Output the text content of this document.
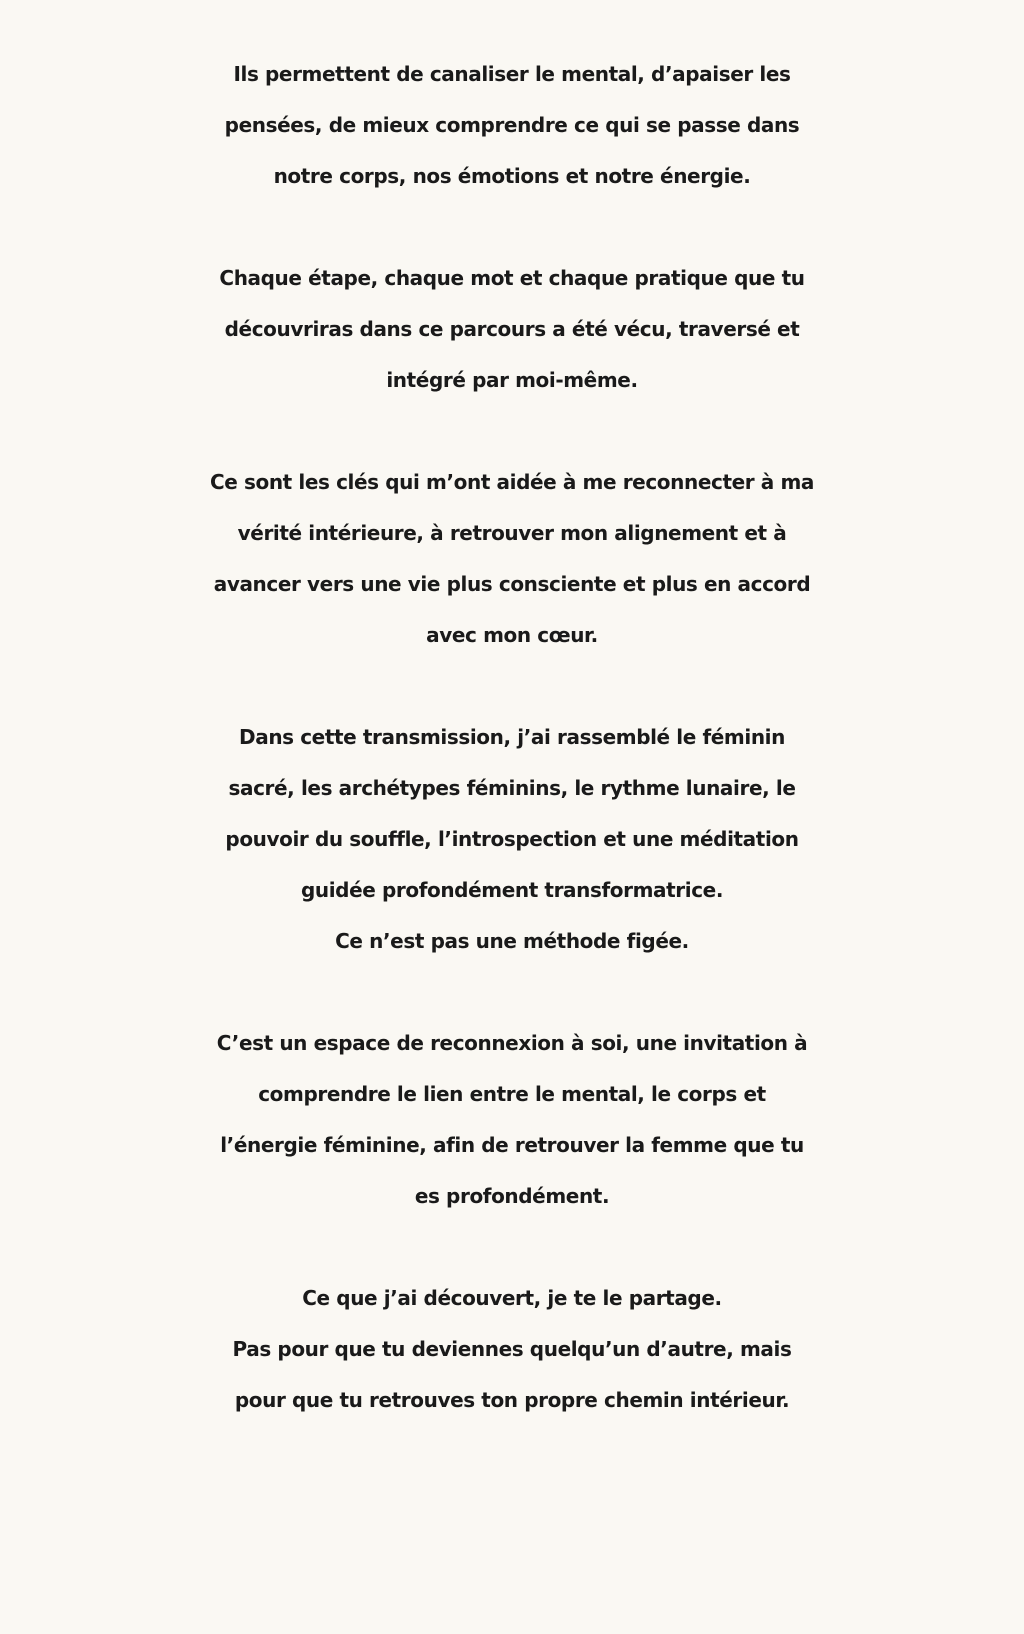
Ils permettent de canaliser le mental, d’apaiser les
pensées, de mieux comprendre ce qui se passe dans
notre corps, nos émotions et notre énergie.

Chaque étape, chaque mot et chaque pratique que tu
découvriras dans ce parcours a été vécu, traversé et
intégré par moi-même.

Ce sont les clés qui m’ont aidée à me reconnecter à ma
vérité intérieure, à retrouver mon alignement et à
avancer vers une vie plus consciente et plus en accord
avec mon cœur.

Dans cette transmission, j’ai rassemblé le féminin
sacré, les archétypes féminins, le rythme lunaire, le
pouvoir du souffle, l’introspection et une méditation
guidée profondément transformatrice.
Ce n’est pas une méthode figée.

C’est un espace de reconnexion à soi, une invitation à
comprendre le lien entre le mental, le corps et
l’énergie féminine, afin de retrouver la femme que tu
es profondément.

Ce que j’ai découvert, je te le partage.
Pas pour que tu deviennes quelqu’un d’autre, mais
pour que tu retrouves ton propre chemin intérieur.
